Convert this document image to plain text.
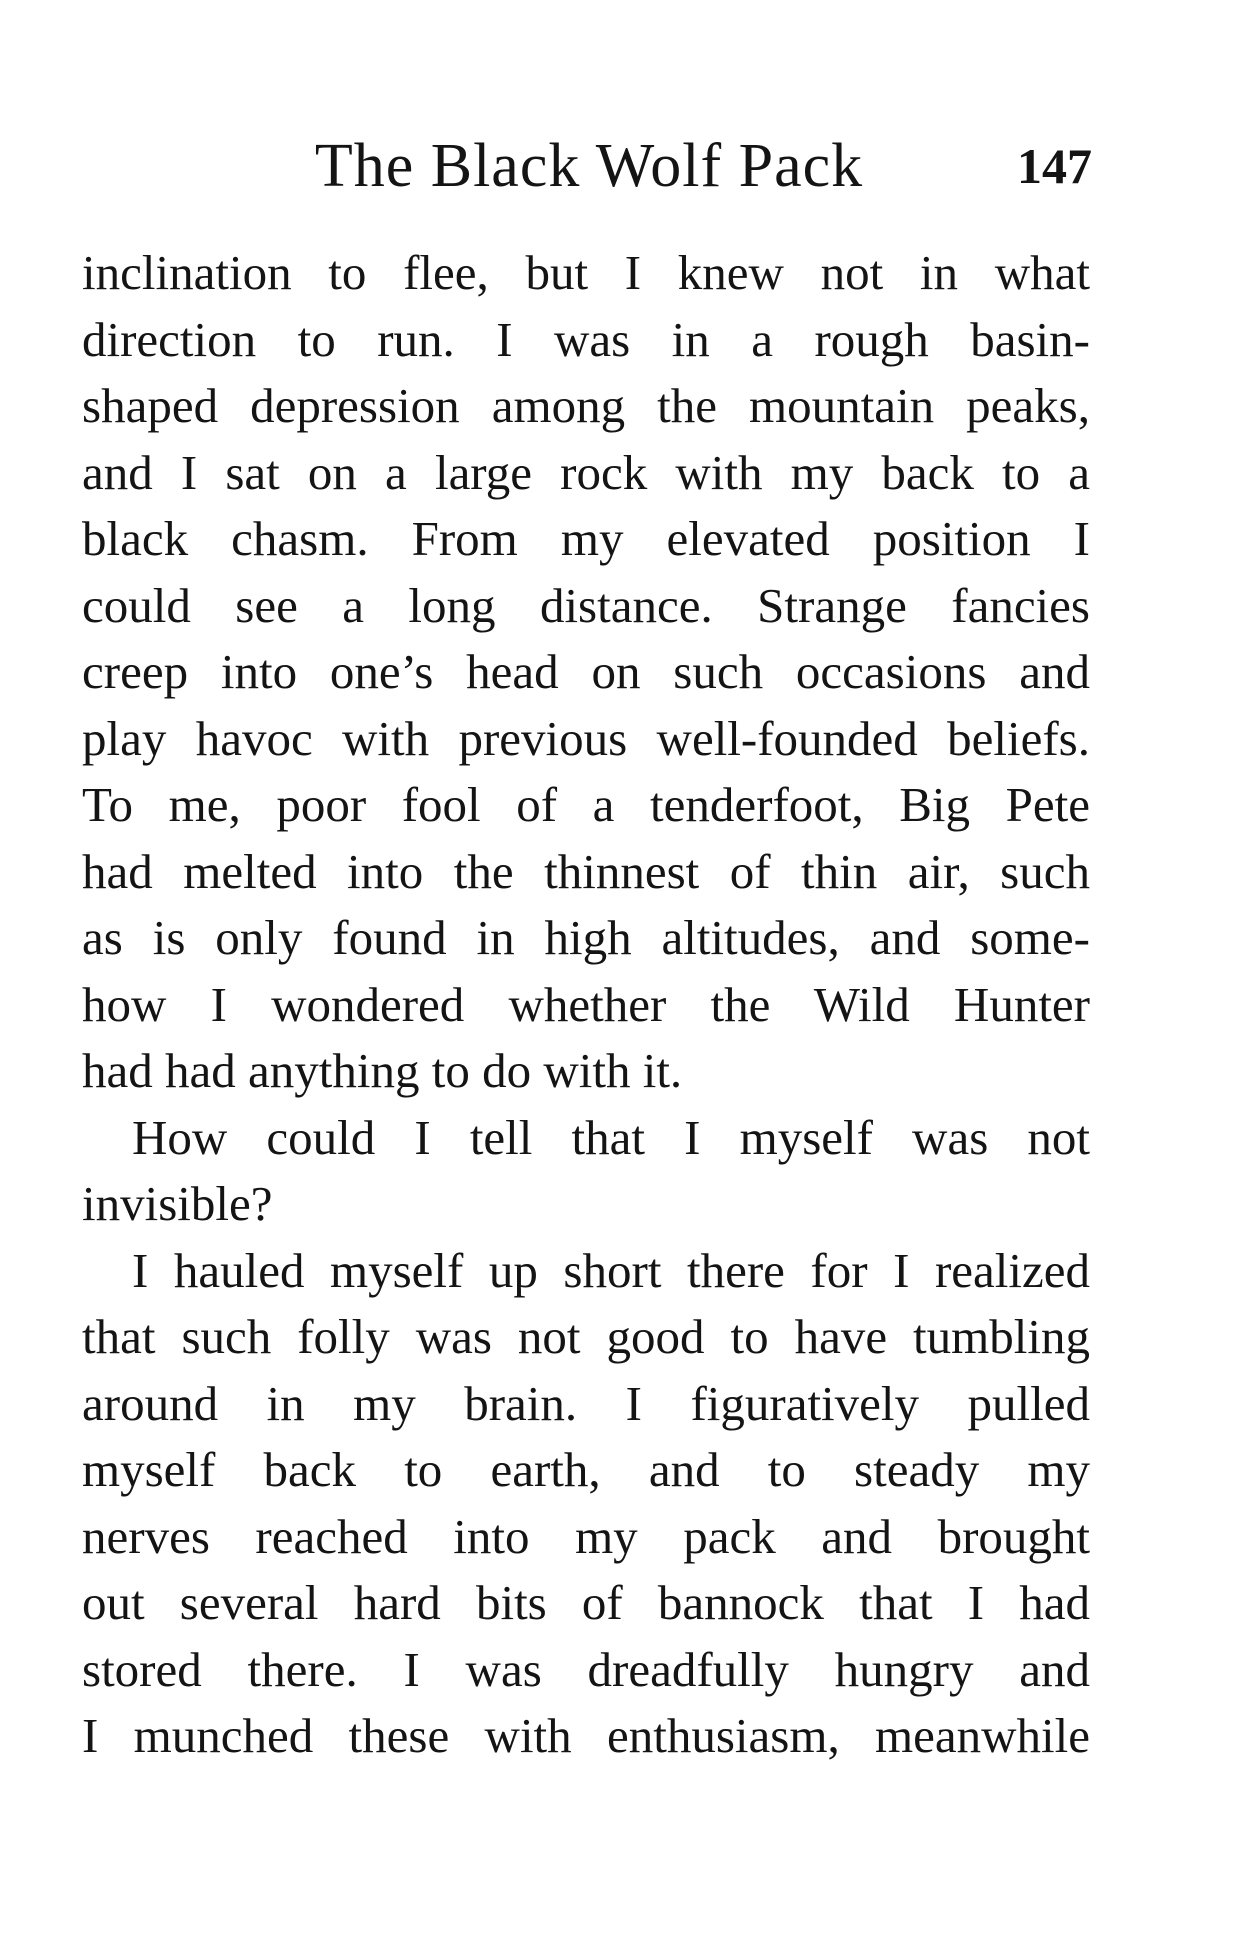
The Black Wolf Pack	147
inclination to flee, but I knew not in what
direction to run. I was in a rough basin-
shaped depression among the mountain peaks,
and I sat on a large rock with my back to a
black chasm. From my elevated position I
could see a long distance. Strange fancies
creep into one’s head on such occasions and
play havoc with previous well-founded beliefs.
To me, poor fool of a tenderfoot, Big Pete
had melted into the thinnest of thin air, such
as is only found in high altitudes, and some-
how I wondered whether the Wild Hunter
had had anything to do with it.
How could I tell that I myself was not
invisible?
I hauled myself up short there for I realized
that such folly was not good to have tumbling
around in my brain. I figuratively pulled
myself back to earth, and to steady my
nerves reached into my pack and brought
out several hard bits of bannock that I had
stored there. I was dreadfully hungry and
I munched these with enthusiasm, meanwhile
